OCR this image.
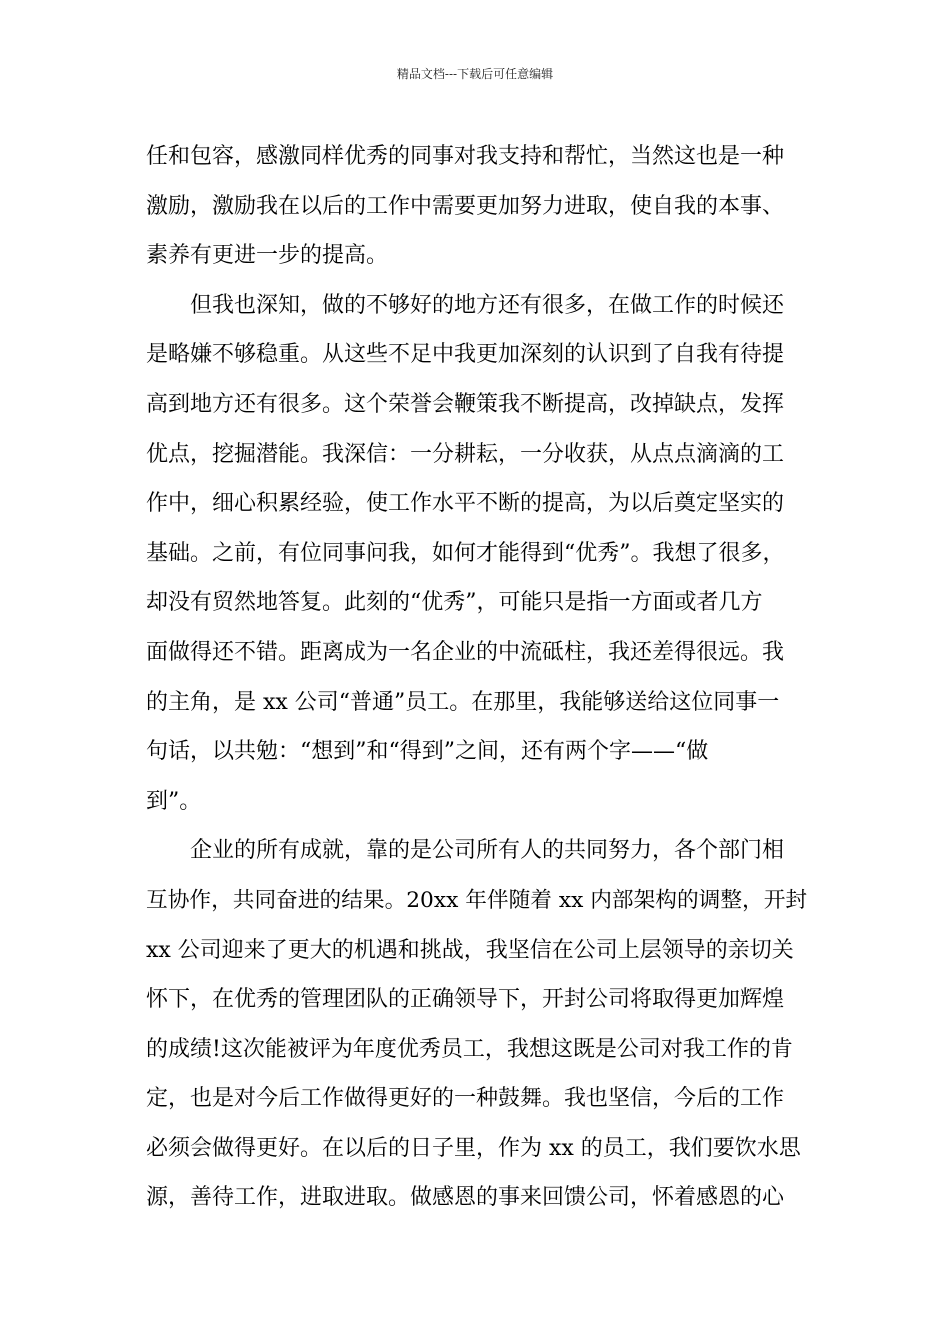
精品文档---下载后可任意编辑
任和包容，感激同样优秀的同事对我支持和帮忙，当然这也是一种
激励，激励我在以后的工作中需要更加努力进取，使自我的本事、
素养有更进一步的提高。
　　但我也深知，做的不够好的地方还有很多，在做工作的时候还
是略嫌不够稳重。从这些不足中我更加深刻的认识到了自我有待提
高到地方还有很多。这个荣誉会鞭策我不断提高，改掉缺点，发挥
优点，挖掘潜能。我深信：一分耕耘，一分收获，从点点滴滴的工
作中，细心积累经验，使工作水平不断的提高，为以后奠定坚实的
基础。之前，有位同事问我，如何才能得到“优秀”。我想了很多，
却没有贸然地答复。此刻的“优秀”，可能只是指一方面或者几方
面做得还不错。距离成为一名企业的中流砥柱，我还差得很远。我
的主角，是 xx 公司“普通”员工。在那里，我能够送给这位同事一
句话，以共勉：“想到”和“得到”之间，还有两个字——“做
到”。
　　企业的所有成就，靠的是公司所有人的共同努力，各个部门相
互协作，共同奋进的结果。20xx 年伴随着 xx 内部架构的调整，开封
xx 公司迎来了更大的机遇和挑战，我坚信在公司上层领导的亲切关
怀下，在优秀的管理团队的正确领导下，开封公司将取得更加辉煌
的成绩!这次能被评为年度优秀员工，我想这既是公司对我工作的肯
定，也是对今后工作做得更好的一种鼓舞。我也坚信，今后的工作
必须会做得更好。在以后的日子里，作为 xx 的员工，我们要饮水思
源，善待工作，进取进取。做感恩的事来回馈公司，怀着感恩的心
